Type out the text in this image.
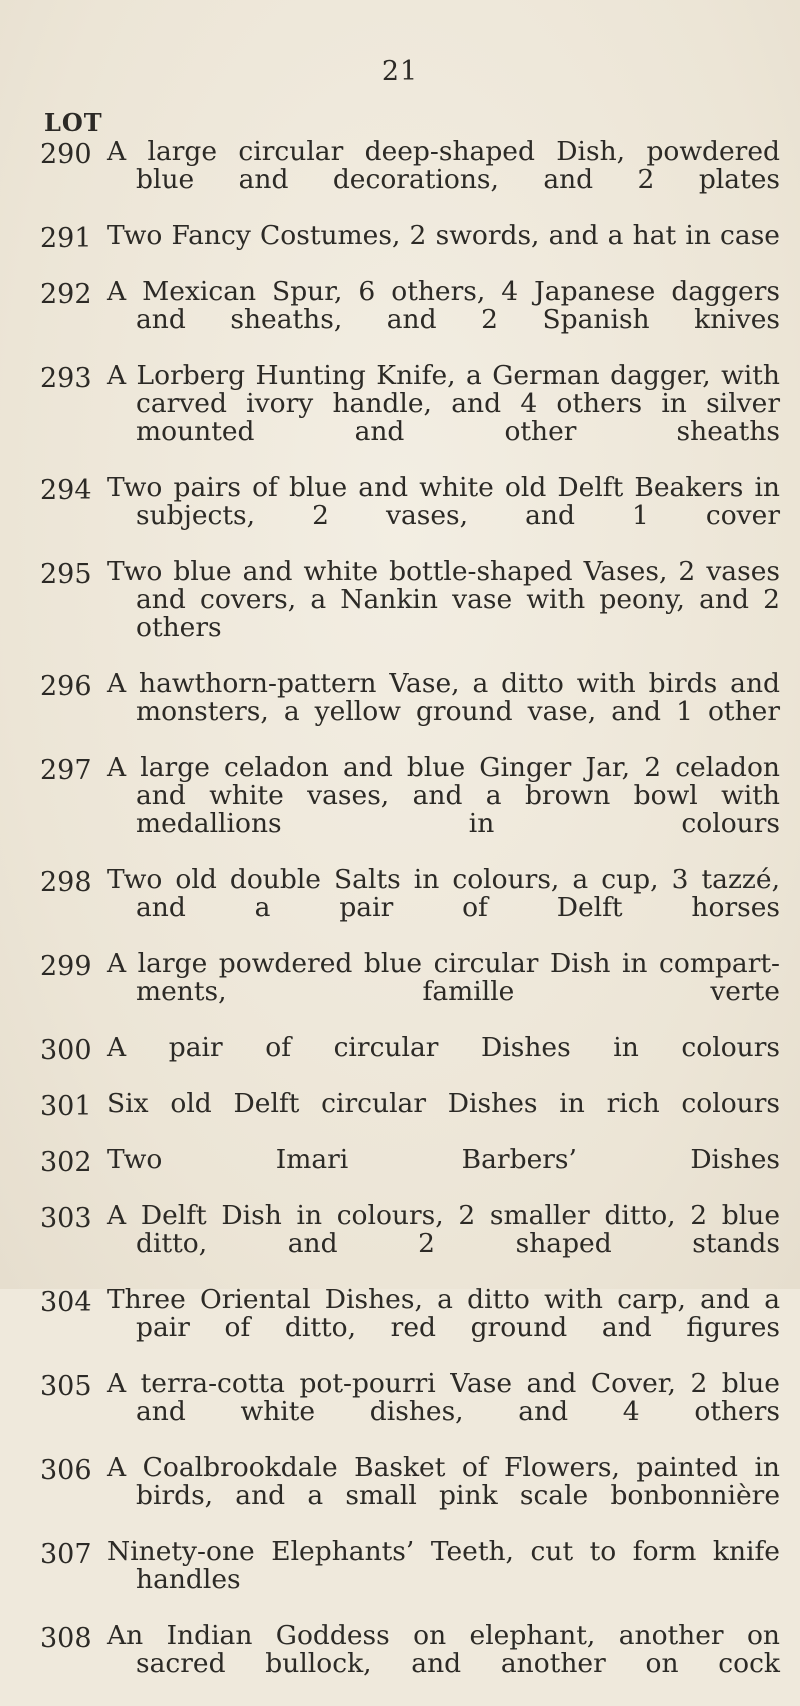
21
LOT
290 A large circular deep-shaped Dish, powdered blue and decorations, and 2 plates
291 Two Fancy Costumes, 2 swords, and a hat in case
292 A Mexican Spur, 6 others, 4 Japanese daggers and sheaths, and 2 Spanish knives
293 A Lorberg Hunting Knife, a German dagger, with carved ivory handle, and 4 others in silver mounted and other sheaths
294 Two pairs of blue and white old Delft Beakers in subjects, 2 vases, and 1 cover
295 Two blue and white bottle-shaped Vases, 2 vases and covers, a Nankin vase with peony, and 2 others
296 A hawthorn-pattern Vase, a ditto with birds and monsters, a yellow ground vase, and 1 other
297 A large celadon and blue Ginger Jar, 2 celadon and white vases, and a brown bowl with medallions in colours
298 Two old double Salts in colours, a cup, 3 tazzé, and a pair of Delft horses
299 A large powdered blue circular Dish in compart-ments, famille verte
300 A pair of circular Dishes in colours
301 Six old Delft circular Dishes in rich colours
302 Two Imari Barbers’ Dishes
303 A Delft Dish in colours, 2 smaller ditto, 2 blue ditto, and 2 shaped stands
304 Three Oriental Dishes, a ditto with carp, and a pair of ditto, red ground and figures
305 A terra-cotta pot-pourri Vase and Cover, 2 blue and white dishes, and 4 others
306 A Coalbrookdale Basket of Flowers, painted in birds, and a small pink scale bonbonnière
307 Ninety-one Elephants’ Teeth, cut to form knife handles
308 An Indian Goddess on elephant, another on sacred bullock, and another on cock
